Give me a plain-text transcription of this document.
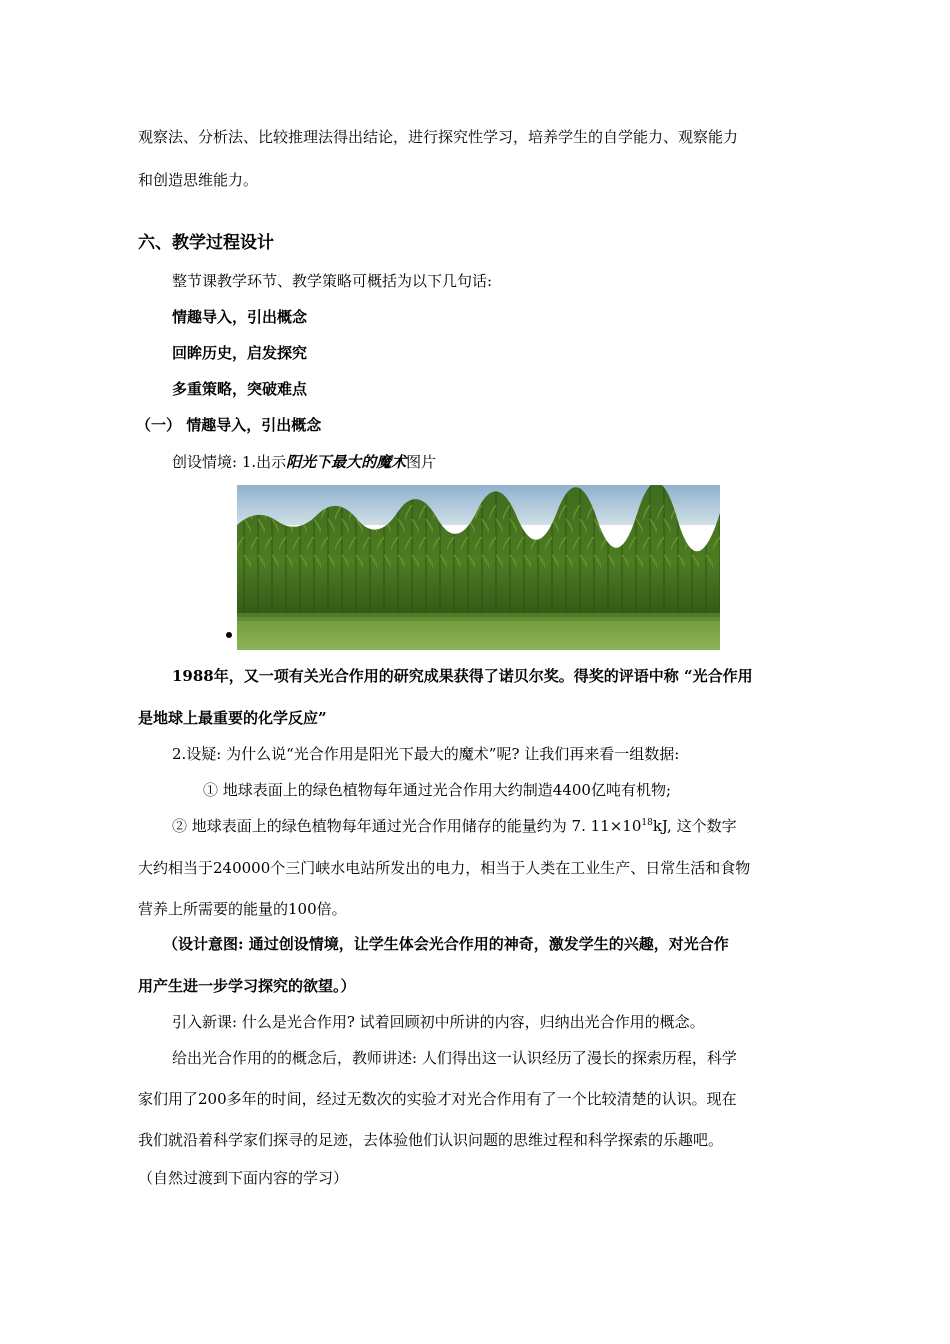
观察法、分析法、比较推理法得出结论，进行探究性学习，培养学生的自学能力、观察能力
和创造思维能力。
六、教学过程设计
整节课教学环节、教学策略可概括为以下几句话:
情趣导入，引出概念
回眸历史，启发探究
多重策略，突破难点
（一） 情趣导入，引出概念
创设情境: 1.出示阳光下最大的魔术图片
1988年，又一项有关光合作用的研究成果获得了诺贝尔奖。得奖的评语中称 “光合作用
是地球上最重要的化学反应”
2.设疑: 为什么说“光合作用是阳光下最大的魔术”呢? 让我们再来看一组数据:
① 地球表面上的绿色植物每年通过光合作用大约制造4400亿吨有机物;
② 地球表面上的绿色植物每年通过光合作用储存的能量约为 7. $11\times 10^{18}kJ$, 这个数字
大约相当于240000个三门峡水电站所发出的电力，相当于人类在工业生产、日常生活和食物
营养上所需要的能量的100倍。
（设计意图: 通过创设情境，让学生体会光合作用的神奇，激发学生的兴趣，对光合作
用产生进一步学习探究的欲望。）
引入新课: 什么是光合作用? 试着回顾初中所讲的内容，归纳出光合作用的概念。
给出光合作用的的概念后，教师讲述: 人们得出这一认识经历了漫长的探索历程，科学
家们用了200多年的时间，经过无数次的实验才对光合作用有了一个比较清楚的认识。现在
我们就沿着科学家们探寻的足迹，去体验他们认识问题的思维过程和科学探索的乐趣吧。
（自然过渡到下面内容的学习）
